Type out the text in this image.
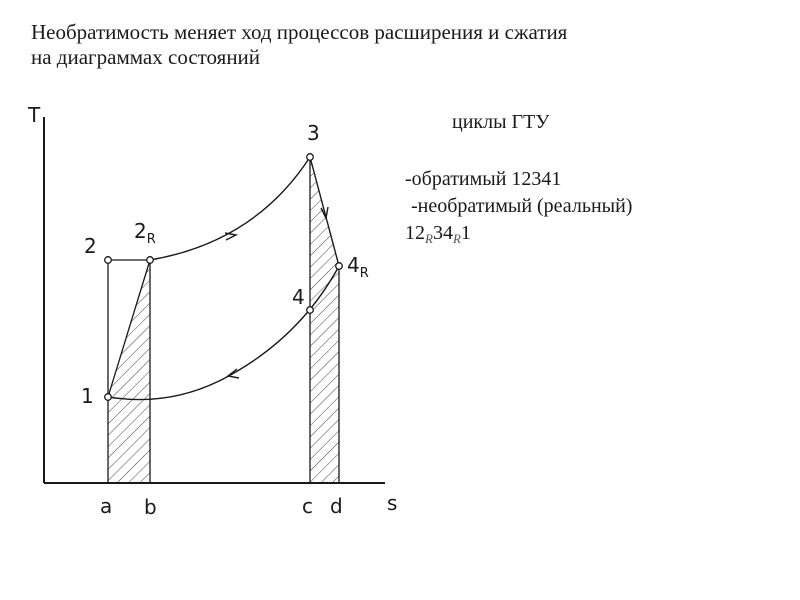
Необратимость меняет ход процессов расширения и сжатия
на диаграммах состояний
циклы ГТУ
-обратимый 12341
-необратимый (реальный)
$12_R34_R1$
T
s
1
2
$2_R$
3
4
$4_R$
a b	c d
